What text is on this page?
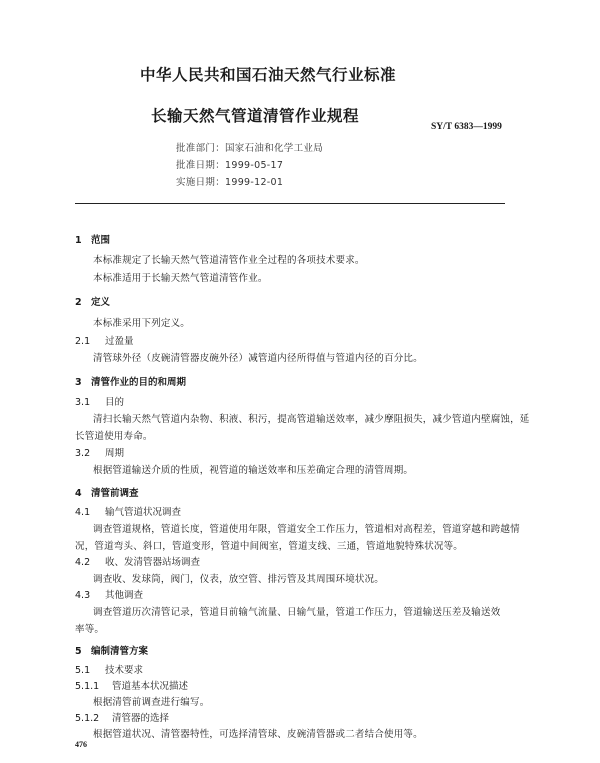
中华人民共和国石油天然气行业标准
长输天然气管道清管作业规程
SY/T 6383—1999
批准部门：国家石油和化学工业局
批准日期：1999-05-17
实施日期：1999-12-01
1 范围
本标准规定了长输天然气管道清管作业全过程的各项技术要求。
本标准适用于长输天然气管道清管作业。
2 定义
本标准采用下列定义。
2.1 过盈量
清管球外径（皮碗清管器皮碗外径）减管道内径所得值与管道内径的百分比。
3 清管作业的目的和周期
3.1 目的
清扫长输天然气管道内杂物、积液、积污，提高管道输送效率，减少摩阻损失，减少管道内壁腐蚀，延
长管道使用寿命。
3.2 周期
根据管道输送介质的性质，视管道的输送效率和压差确定合理的清管周期。
4 清管前调查
4.1 输气管道状况调查
调查管道规格，管道长度，管道使用年限，管道安全工作压力，管道相对高程差，管道穿越和跨越情
况，管道弯头、斜口，管道变形，管道中间阀室，管道支线、三通，管道地貌特殊状况等。
4.2 收、发清管器站场调查
调查收、发球筒，阀门，仪表，放空管、排污管及其周围环境状况。
4.3 其他调查
调查管道历次清管记录，管道目前输气流量、日输气量，管道工作压力，管道输送压差及输送效
率等。
5 编制清管方案
5.1 技术要求
5.1.1 管道基本状况描述
根据清管前调查进行编写。
5.1.2 清管器的选择
根据管道状况、清管器特性，可选择清管球、皮碗清管器或二者结合使用等。
476
